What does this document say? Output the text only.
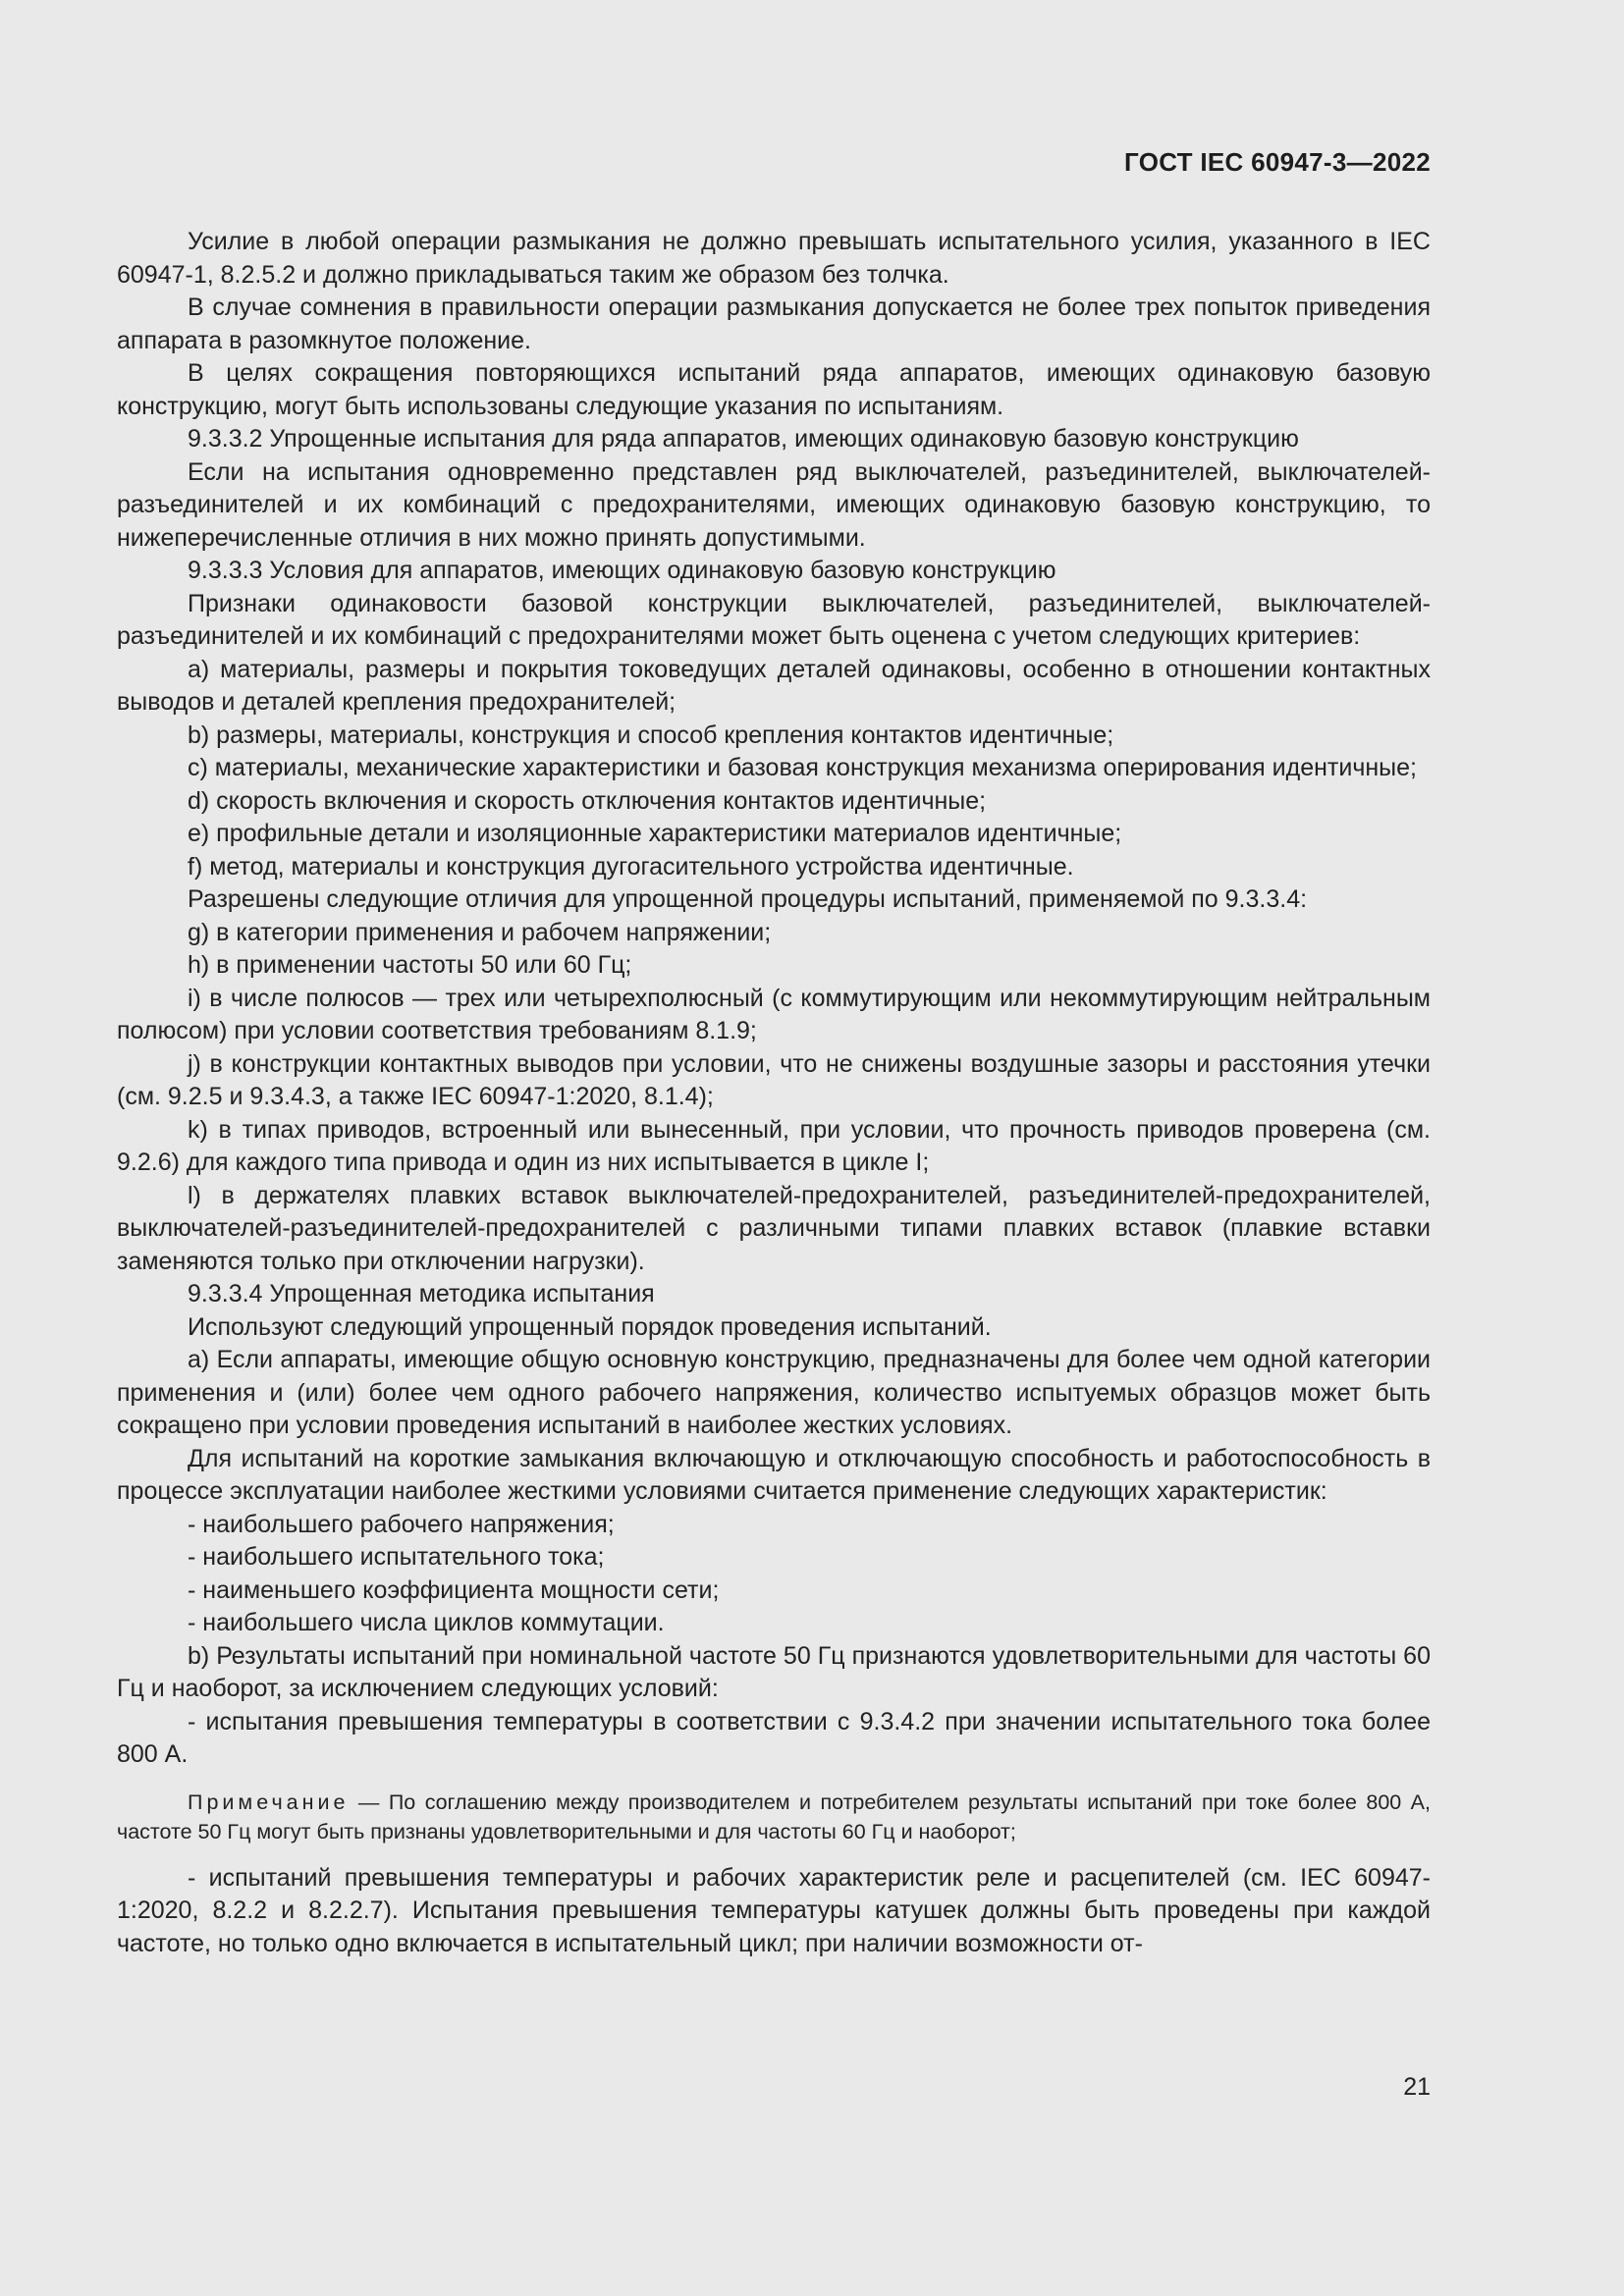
ГОСТ IEC 60947-3—2022

Усилие в любой операции размыкания не должно превышать испытательного усилия, указанного в IEC 60947-1, 8.2.5.2 и должно прикладываться таким же образом без толчка.

В случае сомнения в правильности операции размыкания допускается не более трех попыток приведения аппарата в разомкнутое положение.

В целях сокращения повторяющихся испытаний ряда аппаратов, имеющих одинаковую базовую конструкцию, могут быть использованы следующие указания по испытаниям.

9.3.3.2 Упрощенные испытания для ряда аппаратов, имеющих одинаковую базовую конструкцию

Если на испытания одновременно представлен ряд выключателей, разъединителей, выключателей-разъединителей и их комбинаций с предохранителями, имеющих одинаковую базовую конструкцию, то нижеперечисленные отличия в них можно принять допустимыми.

9.3.3.3 Условия для аппаратов, имеющих одинаковую базовую конструкцию

Признаки одинаковости базовой конструкции выключателей, разъединителей, выключателей-разъединителей и их комбинаций с предохранителями может быть оценена с учетом следующих критериев:

a) материалы, размеры и покрытия токоведущих деталей одинаковы, особенно в отношении контактных выводов и деталей крепления предохранителей;

b) размеры, материалы, конструкция и способ крепления контактов идентичные;

c) материалы, механические характеристики и базовая конструкция механизма оперирования идентичные;

d) скорость включения и скорость отключения контактов идентичные;

e) профильные детали и изоляционные характеристики материалов идентичные;

f) метод, материалы и конструкция дугогасительного устройства идентичные.

Разрешены следующие отличия для упрощенной процедуры испытаний, применяемой по 9.3.3.4:

g) в категории применения и рабочем напряжении;

h) в применении частоты 50 или 60 Гц;

i) в числе полюсов — трех или четырехполюсный (с коммутирующим или некоммутирующим нейтральным полюсом) при условии соответствия требованиям 8.1.9;

j) в конструкции контактных выводов при условии, что не снижены воздушные зазоры и расстояния утечки (см. 9.2.5 и 9.3.4.3, а также IEC 60947-1:2020, 8.1.4);

k) в типах приводов, встроенный или вынесенный, при условии, что прочность приводов проверена (см. 9.2.6) для каждого типа привода и один из них испытывается в цикле I;

l) в держателях плавких вставок выключателей-предохранителей, разъединителей-предохранителей, выключателей-разъединителей-предохранителей с различными типами плавких вставок (плавкие вставки заменяются только при отключении нагрузки).

9.3.3.4 Упрощенная методика испытания

Используют следующий упрощенный порядок проведения испытаний.

a) Если аппараты, имеющие общую основную конструкцию, предназначены для более чем одной категории применения и (или) более чем одного рабочего напряжения, количество испытуемых образцов может быть сокращено при условии проведения испытаний в наиболее жестких условиях.

Для испытаний на короткие замыкания включающую и отключающую способность и работоспособность в процессе эксплуатации наиболее жесткими условиями считается применение следующих характеристик:

- наибольшего рабочего напряжения;

- наибольшего испытательного тока;

- наименьшего коэффициента мощности сети;

- наибольшего числа циклов коммутации.

b) Результаты испытаний при номинальной частоте 50 Гц признаются удовлетворительными для частоты 60 Гц и наоборот, за исключением следующих условий:

- испытания превышения температуры в соответствии с 9.3.4.2 при значении испытательного тока более 800 А.

Примечание — По соглашению между производителем и потребителем результаты испытаний при токе более 800 А, частоте 50 Гц могут быть признаны удовлетворительными и для частоты 60 Гц и наоборот;

- испытаний превышения температуры и рабочих характеристик реле и расцепителей (см. IEC 60947-1:2020, 8.2.2 и 8.2.2.7). Испытания превышения температуры катушек должны быть проведены при каждой частоте, но только одно включается в испытательный цикл; при наличии возможности от-

21
